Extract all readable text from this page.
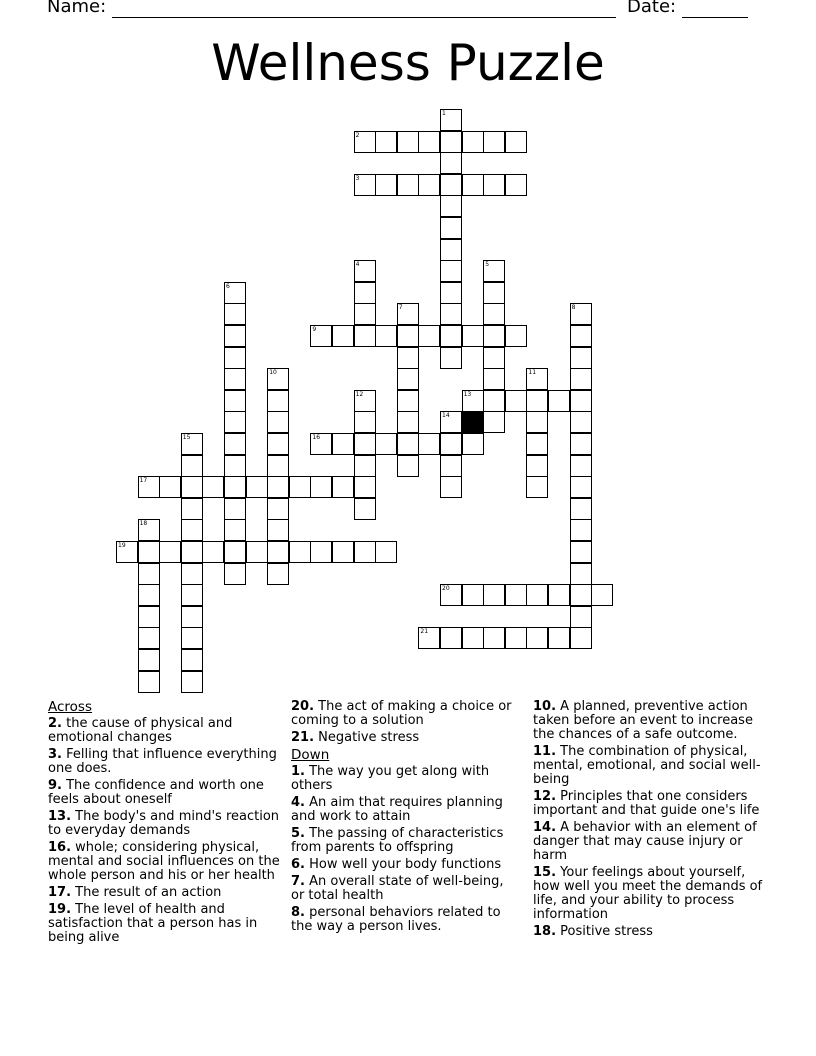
Name:	Date:
Wellness Puzzle
1
2
3
4	5
6
7	8
9
10	11
12	13
14
15	16
17
18
19
20
21
Across
2. the cause of physical and emotional changes
3. Felling that influence everything one does.
9. The confidence and worth one feels about oneself
13. The body's and mind's reaction to everyday demands
16. whole; considering physical, mental and social influences on the whole person and his or her health
17. The result of an action
19. The level of health and satisfaction that a person has in being alive
20. The act of making a choice or coming to a solution
21. Negative stress
Down
1. The way you get along with others
4. An aim that requires planning and work to attain
5. The passing of characteristics from parents to offspring
6. How well your body functions
7. An overall state of well-being, or total health
8. personal behaviors related to the way a person lives.
10. A planned, preventive action taken before an event to increase the chances of a safe outcome.
11. The combination of physical, mental, emotional, and social well-being
12. Principles that one considers important and that guide one's life
14. A behavior with an element of danger that may cause injury or harm
15. Your feelings about yourself, how well you meet the demands of life, and your ability to process information
18. Positive stress
